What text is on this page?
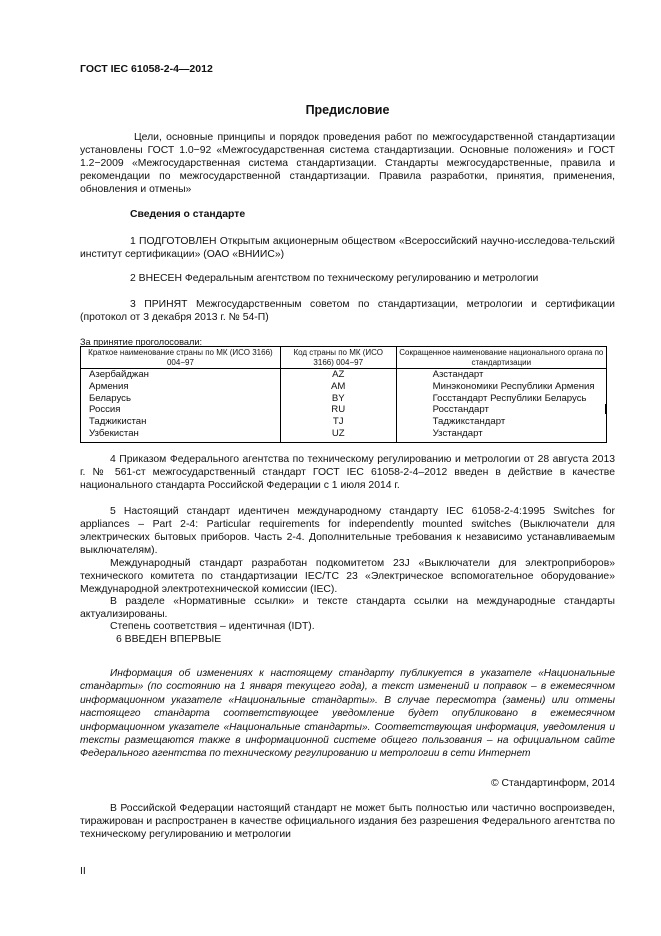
ГОСТ IEC 61058-2-4—2012
Предисловие
Цели, основные принципы и порядок проведения работ по межгосударственной стандартизации установлены ГОСТ 1.0−92 «Межгосударственная система стандартизации. Основные положения» и ГОСТ 1.2−2009 «Межгосударственная система стандартизации. Стандарты межгосударственные, правила и рекомендации по межгосударственной стандартизации. Правила разработки, принятия, применения, обновления и отмены»
Сведения о стандарте
1 ПОДГОТОВЛЕН Открытым акционерным обществом «Всероссийский научно-исследова-тельский институт сертификации» (ОАО «ВНИИС»)
2 ВНЕСЕН Федеральным агентством по техническому регулированию и метрологии
3 ПРИНЯТ Межгосударственным советом по стандартизации, метрологии и сертификации (протокол от 3 декабря 2013 г. № 54-П)
За принятие проголосовали:
Краткое наименование страны по МК (ИСО 3166) 004−97	Код страны по МК (ИСО 3166) 004−97	Сокращенное наименование национального органа по стандартизации
Азербайджан	AZ	Азстандарт
Армения	AM	Минэкономики Республики Армения
Беларусь	BY	Госстандарт Республики Беларусь
Россия	RU	Росстандарт
Таджикистан	TJ	Таджикстандарт
Узбекистан	UZ	Узстандарт
4 Приказом Федерального агентства по техническому регулированию и метрологии от 28 августа 2013 г. № 561-ст межгосударственный стандарт ГОСТ IEC 61058-2-4–2012 введен в действие в качестве национального стандарта Российской Федерации с 1 июля 2014 г.
5 Настоящий стандарт идентичен международному стандарту IEC 61058-2-4:1995 Switches for appliances – Part 2-4: Particular requirements for independently mounted switches (Выключатели для электрических бытовых приборов. Часть 2-4. Дополнительные требования к независимо устанавливаемым выключателям).
Международный стандарт разработан подкомитетом 23J «Выключатели для электроприборов» технического комитета по стандартизации IEC/TC 23 «Электрическое вспомогательное оборудование» Международной электротехнической комиссии (IEC).
В разделе «Нормативные ссылки» и тексте стандарта ссылки на международные стандарты актуализированы.
Степень соответствия – идентичная (IDT).
6 ВВЕДЕН ВПЕРВЫЕ
Информация об изменениях к настоящему стандарту публикуется в указателе «Национальные стандарты» (по состоянию на 1 января текущего года), а текст изменений и поправок – в ежемесячном информационном указателе «Национальные стандарты». В случае пересмотра (замены) или отмены настоящего стандарта соответствующее уведомление будет опубликовано в ежемесячном информационном указателе «Национальные стандарты». Соответствующая информация, уведомления и тексты размещаются также в информационной системе общего пользования – на официальном сайте Федерального агентства по техническому регулированию и метрологии в сети Интернет
© Стандартинформ, 2014
В Российской Федерации настоящий стандарт не может быть полностью или частично воспроизведен, тиражирован и распространен в качестве официального издания без разрешения Федерального агентства по техническому регулированию и метрологии
II
